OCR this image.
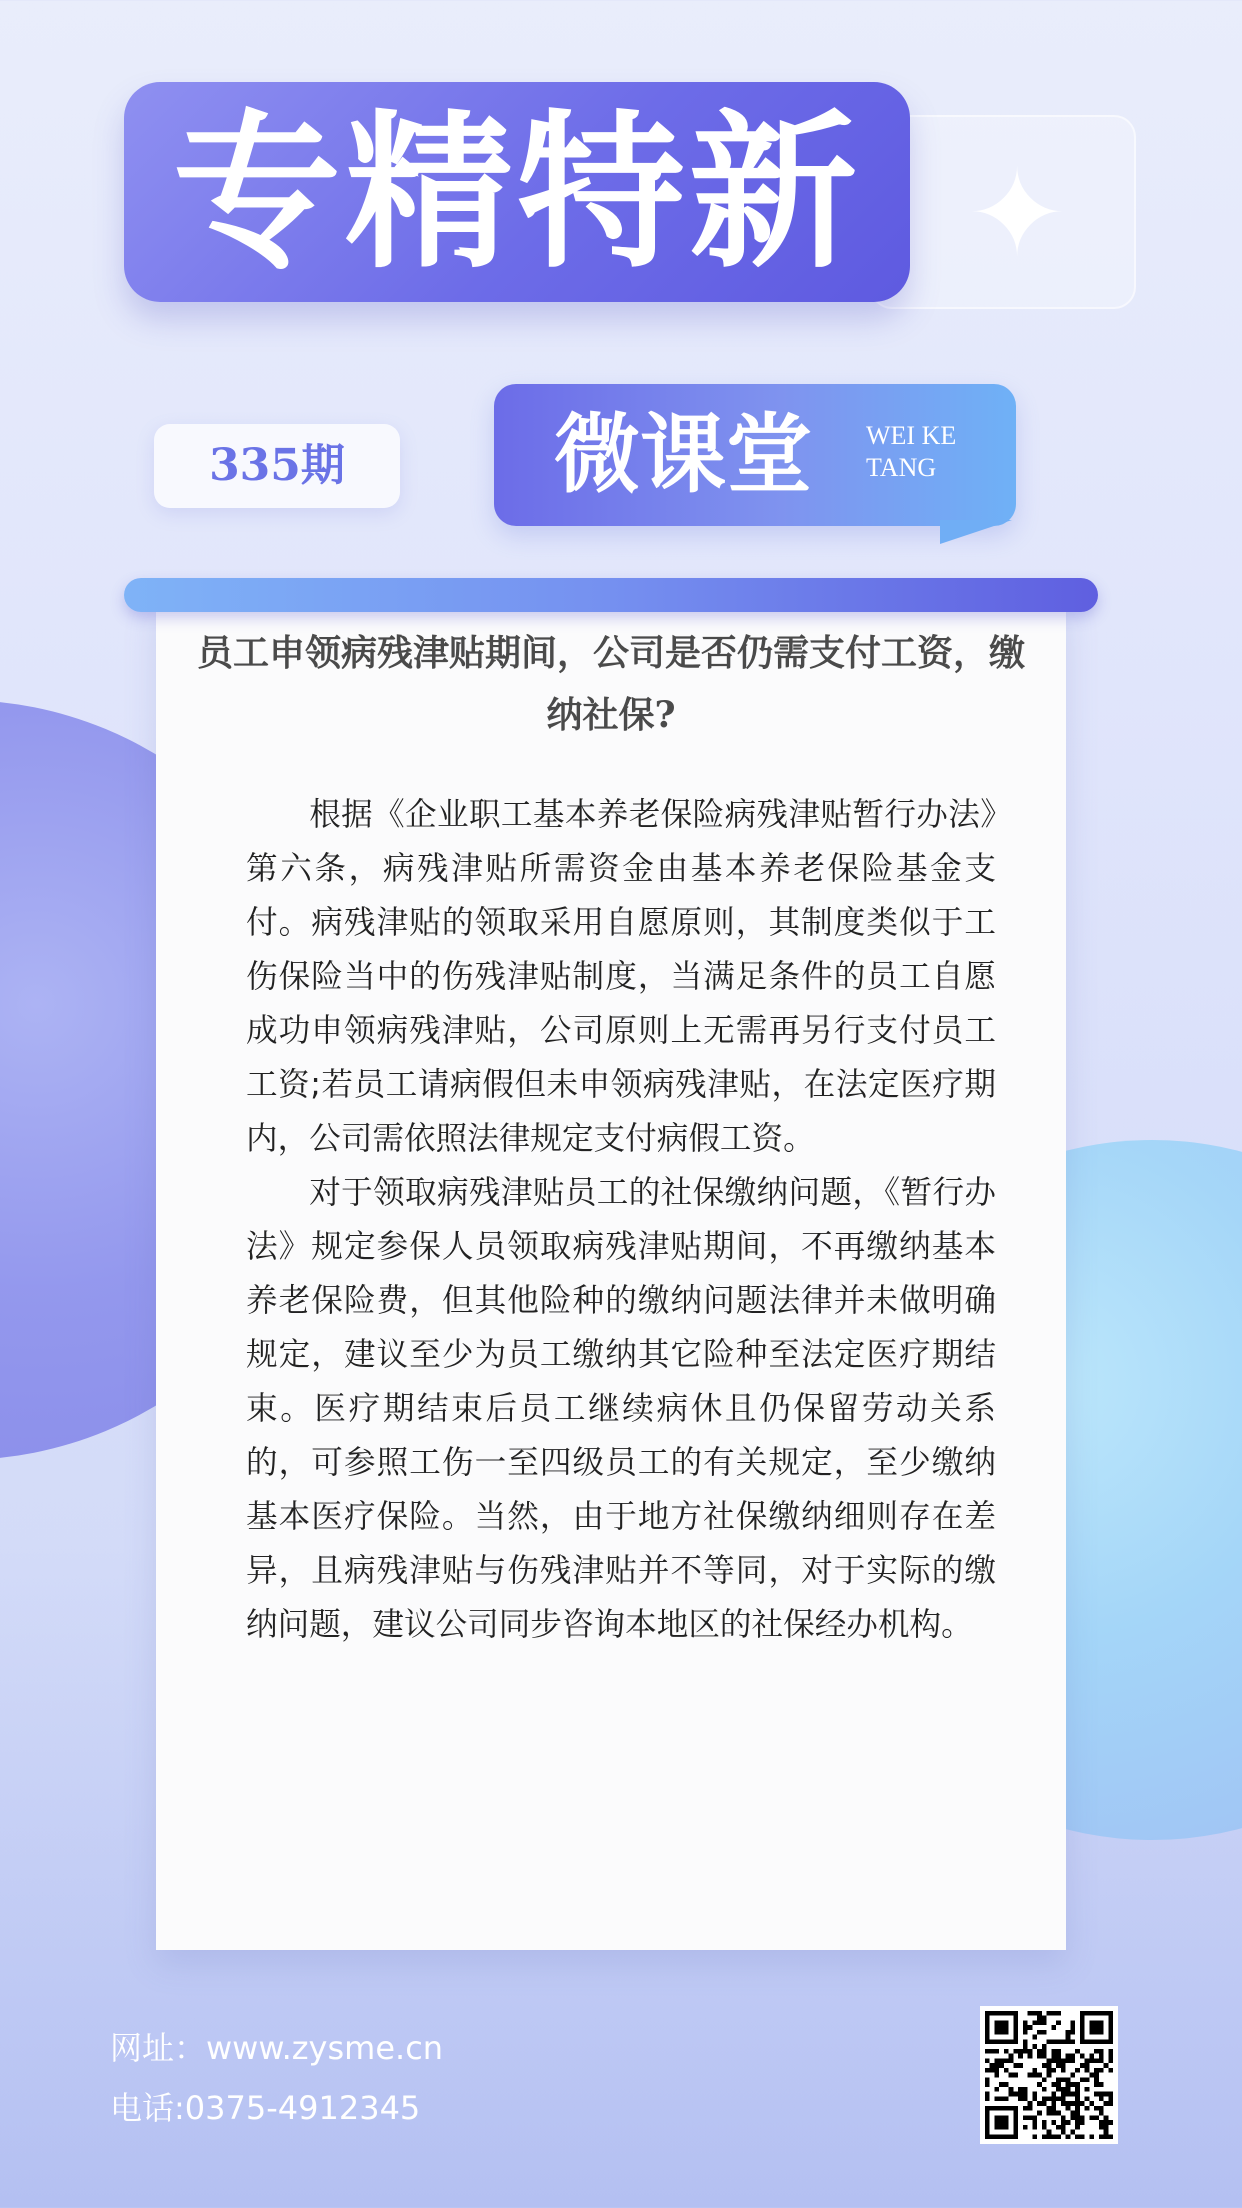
✦
专精特新
335期	微课堂 WEI KE
TANG
员工申领病残津贴期间，公司是否仍需支付工资，缴纳社保?

根据《企业职工基本养老保险病残津贴暂行办法》第六条，病残津贴所需资金由基本养老保险基金支付。病残津贴的领取采用自愿原则，其制度类似于工伤保险当中的伤残津贴制度，当满足条件的员工自愿成功申领病残津贴，公司原则上无需再另行支付员工工资;若员工请病假但未申领病残津贴，在法定医疗期内，公司需依照法律规定支付病假工资。

对于领取病残津贴员工的社保缴纳问题，《暂行办法》规定参保人员领取病残津贴期间，不再缴纳基本养老保险费，但其他险种的缴纳问题法律并未做明确规定，建议至少为员工缴纳其它险种至法定医疗期结束。医疗期结束后员工继续病休且仍保留劳动关系的，可参照工伤一至四级员工的有关规定，至少缴纳基本医疗保险。当然，由于地方社保缴纳细则存在差异，且病残津贴与伤残津贴并不等同，对于实际的缴纳问题，建议公司同步咨询本地区的社保经办机构。

网址：www.zysme.cn
电话:0375-4912345
